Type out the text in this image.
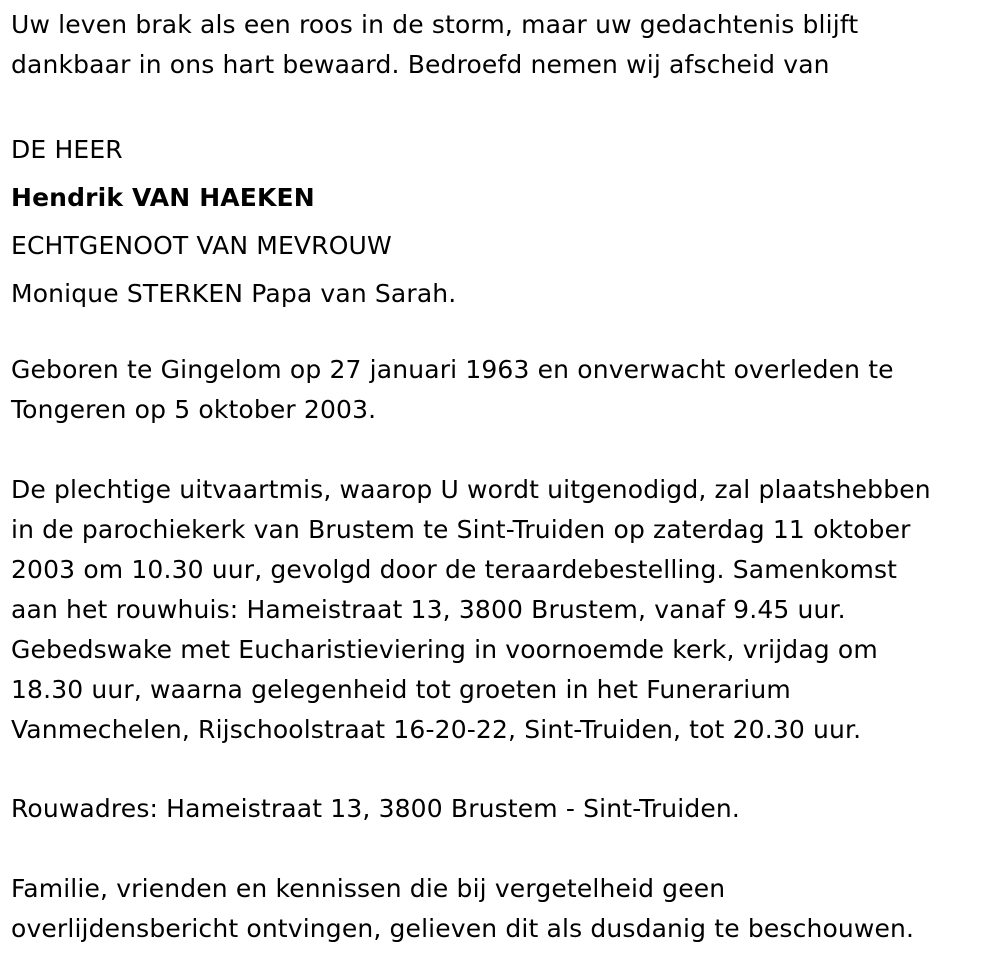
Uw leven brak als een roos in de storm, maar uw gedachtenis blijft
dankbaar in ons hart bewaard. Bedroefd nemen wij afscheid van
DE HEER
Hendrik VAN HAEKEN
ECHTGENOOT VAN MEVROUW
Monique STERKEN Papa van Sarah.
Geboren te Gingelom op 27 januari 1963 en onverwacht overleden te
Tongeren op 5 oktober 2003.
De plechtige uitvaartmis, waarop U wordt uitgenodigd, zal plaatshebben
in de parochiekerk van Brustem te Sint-Truiden op zaterdag 11 oktober
2003 om 10.30 uur, gevolgd door de teraardebestelling. Samenkomst
aan het rouwhuis: Hameistraat 13, 3800 Brustem, vanaf 9.45 uur.
Gebedswake met Eucharistieviering in voornoemde kerk, vrijdag om
18.30 uur, waarna gelegenheid tot groeten in het Funerarium
Vanmechelen, Rijschoolstraat 16-20-22, Sint-Truiden, tot 20.30 uur.
Rouwadres: Hameistraat 13, 3800 Brustem - Sint-Truiden.
Familie, vrienden en kennissen die bij vergetelheid geen
overlijdensbericht ontvingen, gelieven dit als dusdanig te beschouwen.
